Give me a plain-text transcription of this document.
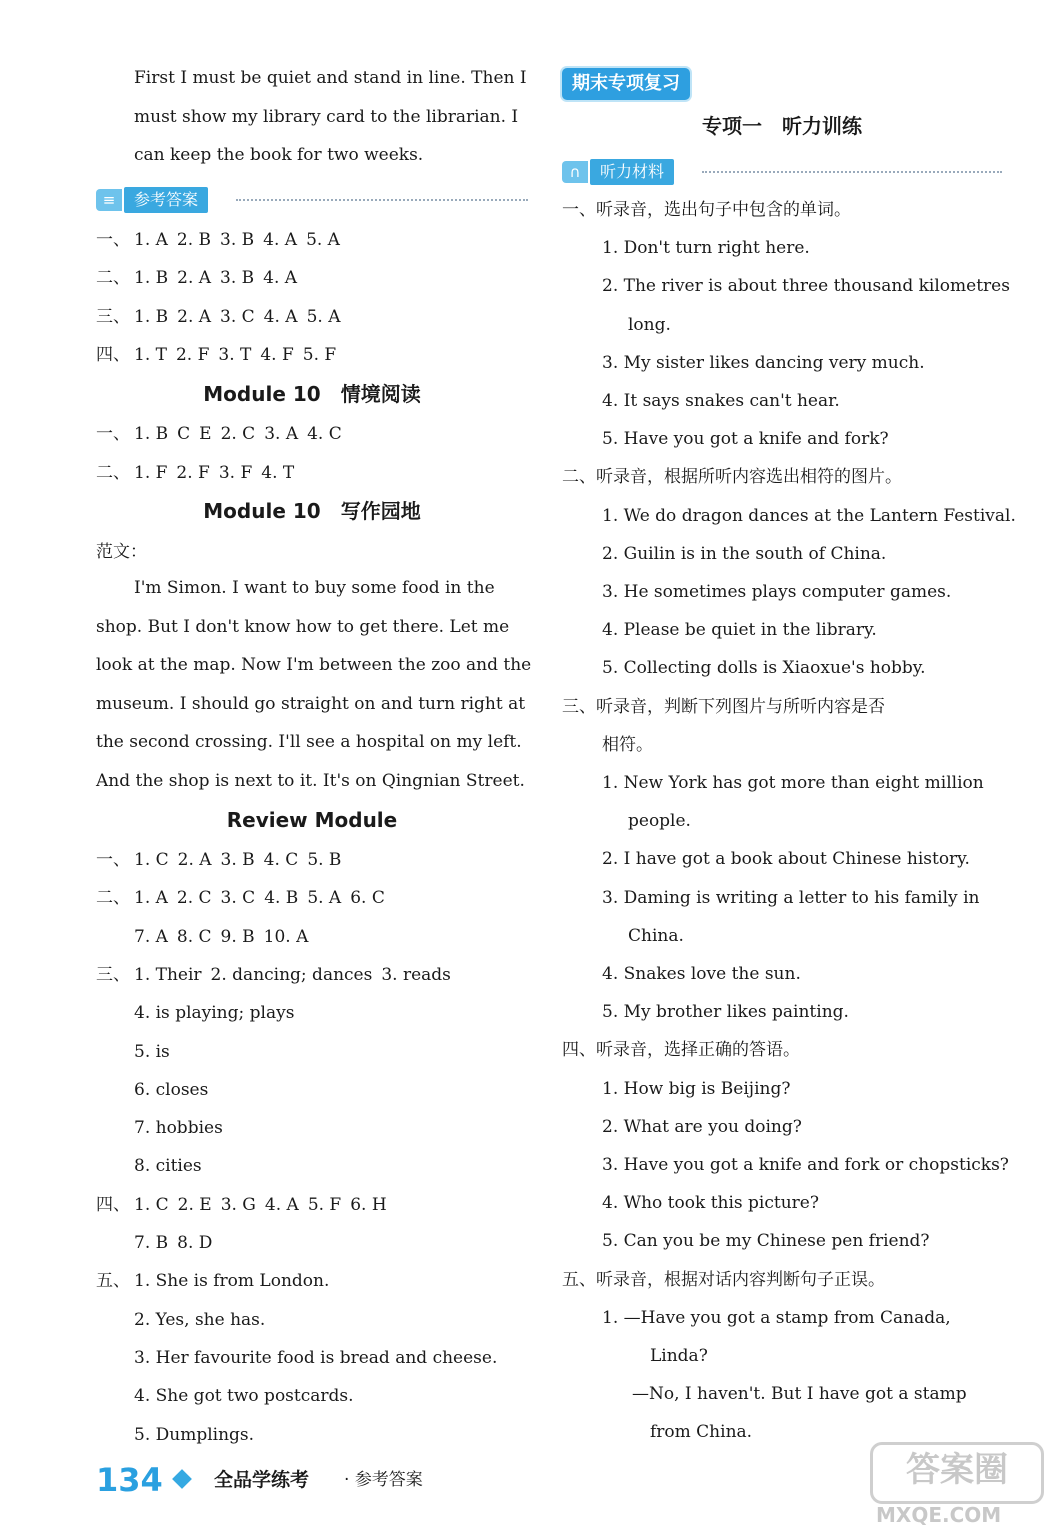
First I must be quiet and stand in line. Then I
must show my library card to the librarian. I
can keep the book for two weeks.
≡	参考答案
一、 1. A 2. B 3. B 4. A 5. A
二、 1. B 2. A 3. B 4. A
三、 1. B 2. A 3. C 4. A 5. A
四、 1. T 2. F 3. T 4. F 5. F
Module 10　情境阅读
一、 1. B C E 2. C 3. A 4. C
二、 1. F 2. F 3. F 4. T
Module 10　写作园地
范文：
I'm Simon. I want to buy some food in the
shop. But I don't know how to get there. Let me
look at the map. Now I'm between the zoo and the
museum. I should go straight on and turn right at
the second crossing. I'll see a hospital on my left.
And the shop is next to it. It's on Qingnian Street.
Review Module
一、 1. C 2. A 3. B 4. C 5. B
二、 1. A 2. C 3. C 4. B 5. A 6. C
7. A 8. C 9. B 10. A
三、 1. Their 2. dancing; dances 3. reads
4. is playing; plays
5. is
6. closes
7. hobbies
8. cities
四、 1. C 2. E 3. G 4. A 5. F 6. H
7. B 8. D
五、 1. She is from London.
2. Yes, she has.
3. Her favourite food is bread and cheese.
4. She got two postcards.
5. Dumplings.
期末专项复习
专项一　听力训练
∩	听力材料
一、听录音，选出句子中包含的单词。
1. Don't turn right here.
2. The river is about three thousand kilometres
long.
3. My sister likes dancing very much.
4. It says snakes can't hear.
5. Have you got a knife and fork?
二、听录音，根据所听内容选出相符的图片。
1. We do dragon dances at the Lantern Festival.
2. Guilin is in the south of China.
3. He sometimes plays computer games.
4. Please be quiet in the library.
5. Collecting dolls is Xiaoxue's hobby.
三、听录音，判断下列图片与所听内容是否
相符。
1. New York has got more than eight million
people.
2. I have got a book about Chinese history.
3. Daming is writing a letter to his family in
China.
4. Snakes love the sun.
5. My brother likes painting.
四、听录音，选择正确的答语。
1. How big is Beijing?
2. What are you doing?
3. Have you got a knife and fork or chopsticks?
4. Who took this picture?
5. Can you be my Chinese pen friend?
五、听录音，根据对话内容判断句子正误。
1. —Have you got a stamp from Canada,
Linda?
—No, I haven't. But I have got a stamp
from China.
134	全品学练考 · 参考答案	答案圈
MXQE.COM
